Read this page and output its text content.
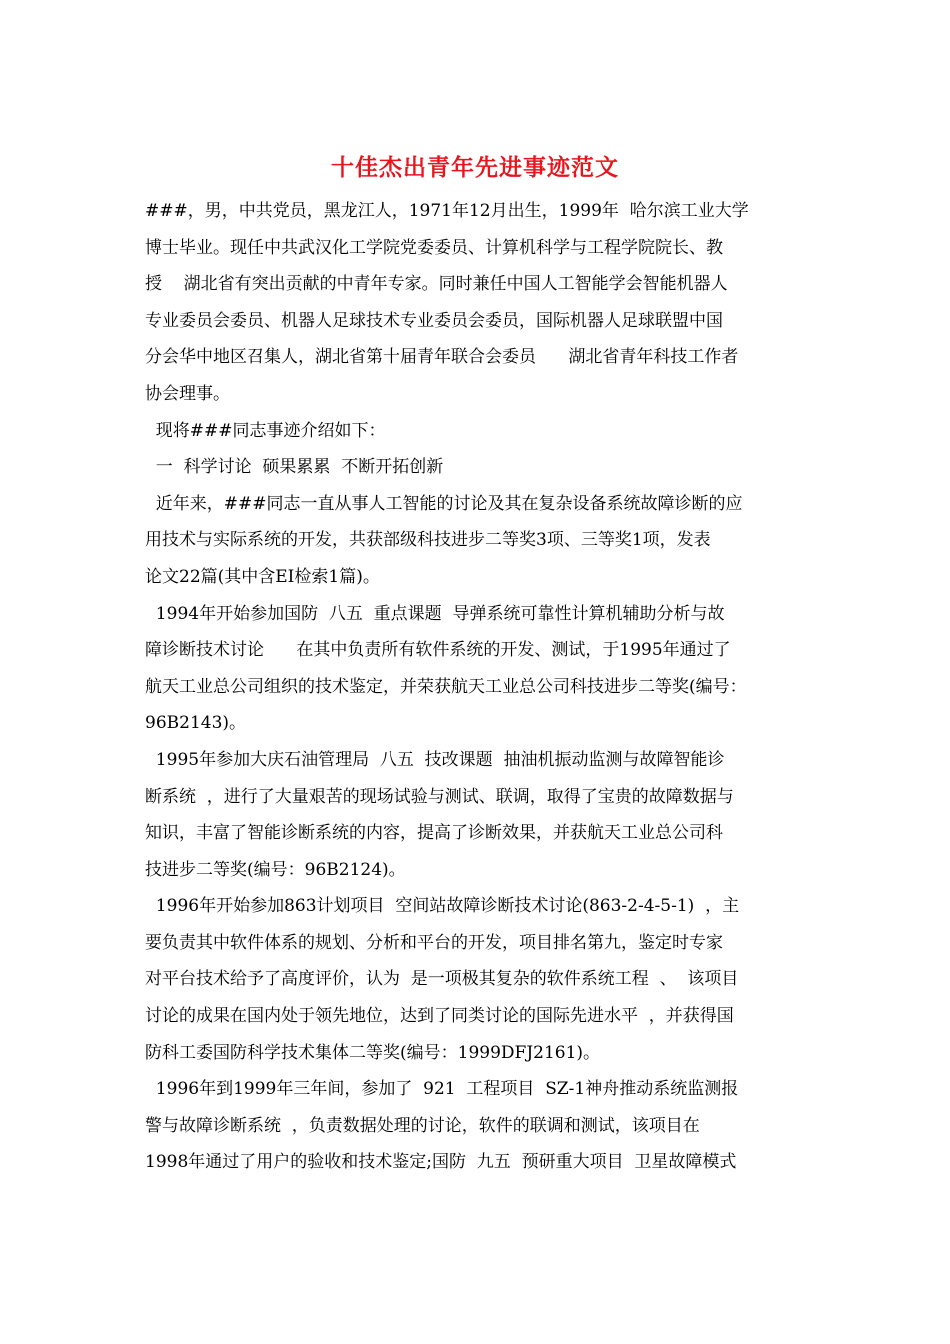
十佳杰出青年先进事迹范文
###，男，中共党员，黑龙江人，1971年12月出生，1999年  哈尔滨工业大学
博士毕业。现任中共武汉化工学院党委委员、计算机科学与工程学院院长、教
授    湖北省有突出贡献的中青年专家。同时兼任中国人工智能学会智能机器人
专业委员会委员、机器人足球技术专业委员会委员，国际机器人足球联盟中国
分会华中地区召集人，湖北省第十届青年联合会委员      湖北省青年科技工作者
协会理事。
现将###同志事迹介绍如下：
一  科学讨论  硕果累累  不断开拓创新
近年来，###同志一直从事人工智能的讨论及其在复杂设备系统故障诊断的应
用技术与实际系统的开发，共获部级科技进步二等奖3项、三等奖1项，发表
论文22篇(其中含EI检索1篇)。
1994年开始参加国防  八五  重点课题  导弹系统可靠性计算机辅助分析与故
障诊断技术讨论      在其中负责所有软件系统的开发、测试，于1995年通过了
航天工业总公司组织的技术鉴定，并荣获航天工业总公司科技进步二等奖(编号：
96B2143)。
1995年参加大庆石油管理局  八五  技改课题  抽油机振动监测与故障智能诊
断系统  ，进行了大量艰苦的现场试验与测试、联调，取得了宝贵的故障数据与
知识，丰富了智能诊断系统的内容，提高了诊断效果，并获航天工业总公司科
技进步二等奖(编号：96B2124)。
1996年开始参加863计划项目  空间站故障诊断技术讨论(863-2-4-5-1)  ，主
要负责其中软件体系的规划、分析和平台的开发，项目排名第九，鉴定时专家
对平台技术给予了高度评价，认为  是一项极其复杂的软件系统工程  、  该项目
讨论的成果在国内处于领先地位，达到了同类讨论的国际先进水平  ，并获得国
防科工委国防科学技术集体二等奖(编号：1999DFJ2161)。
1996年到1999年三年间，参加了  921  工程项目  SZ-1神舟推动系统监测报
警与故障诊断系统  ，负责数据处理的讨论，软件的联调和测试，该项目在
1998年通过了用户的验收和技术鉴定;国防  九五  预研重大项目  卫星故障模式
